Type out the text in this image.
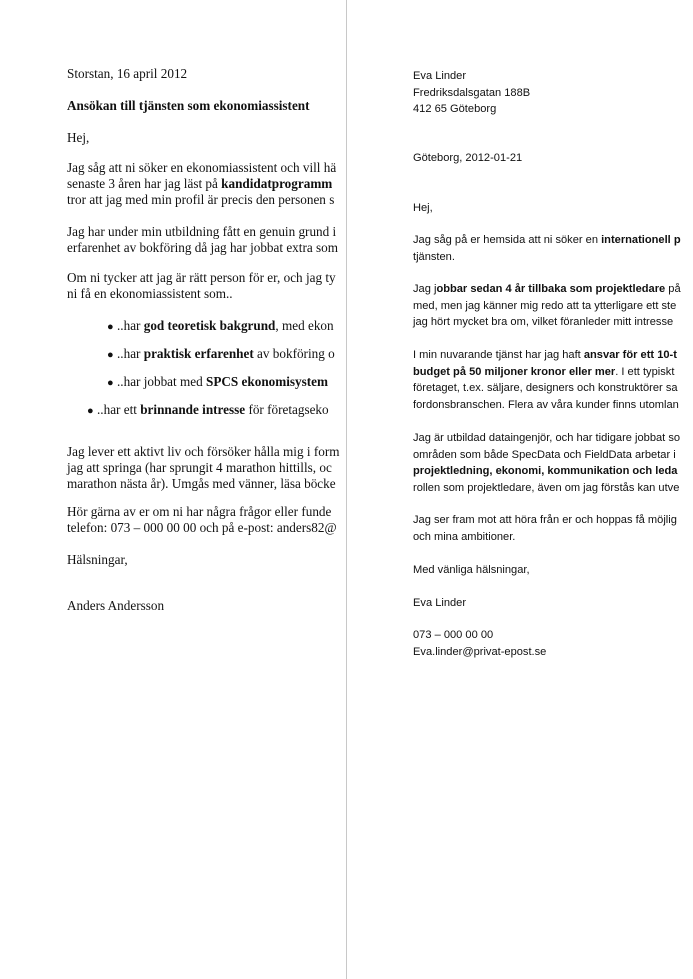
Storstan, 16 april 2012

Ansökan till tjänsten som ekonomiassistent

Hej,

Jag såg att ni söker en ekonomiassistent och vill hä

senaste 3 åren har jag läst på kandidatprogramm

tror att jag med min profil är precis den personen s

Jag har under min utbildning fått en genuin grund i

erfarenhet av bokföring då jag har jobbat extra som

Om ni tycker att jag är rätt person för er, och jag ty

ni få en ekonomiassistent som..

● ..har god teoretisk bakgrund, med ekon
● ..har praktisk erfarenhet av bokföring o
● ..har jobbat med SPCS ekonomisystem
● ..har ett brinnande intresse för företagseko

Jag lever ett aktivt liv och försöker hålla mig i form

jag att springa (har sprungit 4 marathon hittills, oc

marathon nästa år). Umgås med vänner, läsa böcke

Hör gärna av er om ni har några frågor eller funde

telefon: 073 – 000 00 00 och på e-post: anders82@

Hälsningar,

Anders Andersson

Eva Linder

Fredriksdalsgatan 188B

412 65 Göteborg

Göteborg, 2012-01-21

Hej,

Jag såg på er hemsida att ni söker en internationell p

tjänsten.

Jag jobbar sedan 4 år tillbaka som projektledare på

med, men jag känner mig redo att ta ytterligare ett ste

jag hört mycket bra om, vilket föranleder mitt intresse

I min nuvarande tjänst har jag haft ansvar för ett 10-t

budget på 50 miljoner kronor eller mer. I ett typiskt

företaget, t.ex. säljare, designers och konstruktörer sa

fordonsbranschen. Flera av våra kunder finns utomlan

Jag är utbildad dataingenjör, och har tidigare jobbat so

områden som både SpecData och FieldData arbetar i

projektledning, ekonomi, kommunikation och leda

rollen som projektledare, även om jag förstås kan utve

Jag ser fram mot att höra från er och hoppas få möjlig

och mina ambitioner.

Med vänliga hälsningar,

Eva Linder

073 – 000 00 00

Eva.linder@privat-epost.se
